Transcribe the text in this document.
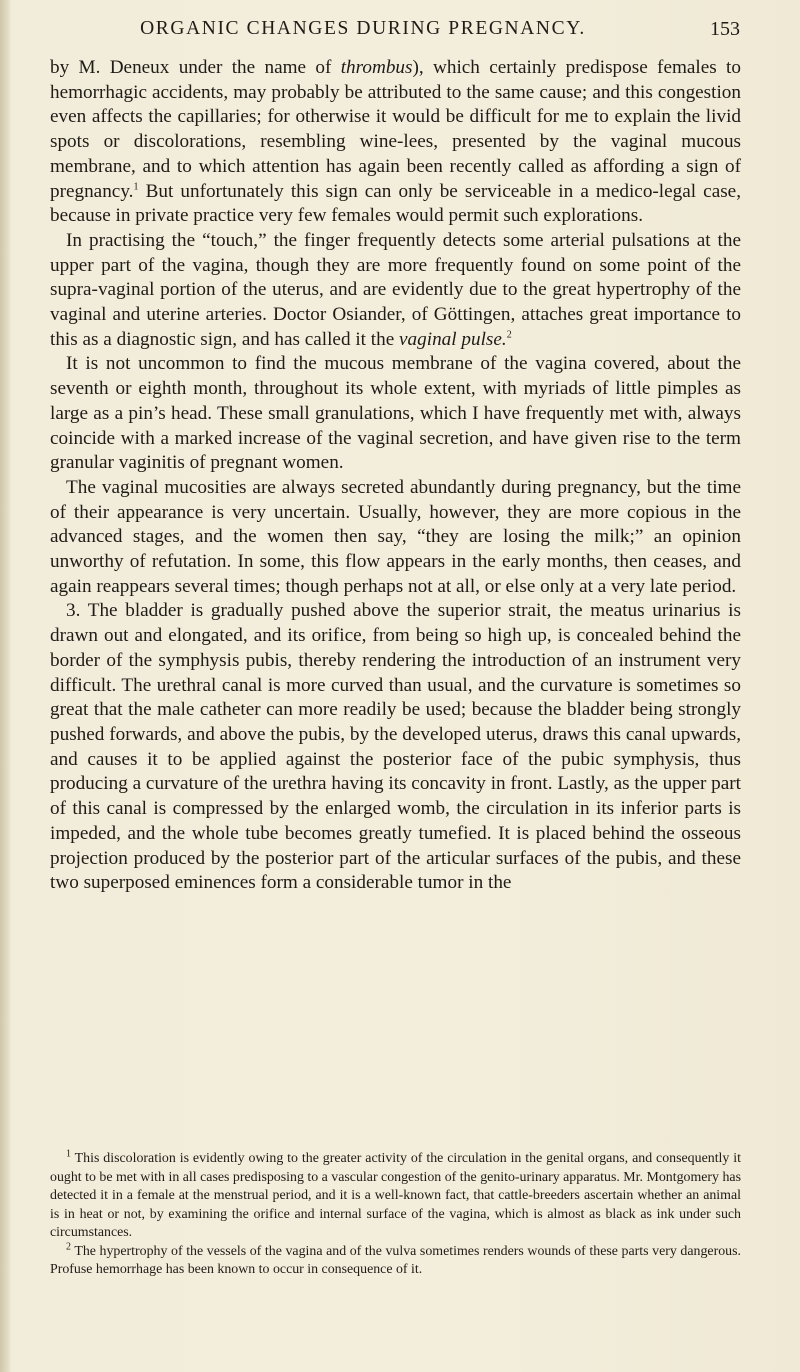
ORGANIC CHANGES DURING PREGNANCY.	153

by M. Deneux under the name of thrombus), which certainly predispose females to hemorrhagic accidents, may probably be attributed to the same cause; and this congestion even affects the capillaries; for otherwise it would be difficult for me to explain the livid spots or discolorations, resembling wine-lees, presented by the vaginal mucous membrane, and to which attention has again been recently called as affording a sign of pregnancy.$^1$ But unfortunately this sign can only be serviceable in a medico-legal case, because in private practice very few females would permit such explorations.

In practising the “touch,” the finger frequently detects some arterial pulsations at the upper part of the vagina, though they are more frequently found on some point of the supra-vaginal portion of the uterus, and are evidently due to the great hypertrophy of the vaginal and uterine arteries. Doctor Osiander, of Göttingen, attaches great importance to this as a diagnostic sign, and has called it the vaginal pulse.$^2$

It is not uncommon to find the mucous membrane of the vagina covered, about the seventh or eighth month, throughout its whole extent, with myriads of little pimples as large as a pin’s head. These small granulations, which I have frequently met with, always coincide with a marked increase of the vaginal secretion, and have given rise to the term granular vaginitis of pregnant women.

The vaginal mucosities are always secreted abundantly during pregnancy, but the time of their appearance is very uncertain. Usually, however, they are more copious in the advanced stages, and the women then say, “they are losing the milk;” an opinion unworthy of refutation. In some, this flow appears in the early months, then ceases, and again reappears several times; though perhaps not at all, or else only at a very late period.

3. The bladder is gradually pushed above the superior strait, the meatus urinarius is drawn out and elongated, and its orifice, from being so high up, is concealed behind the border of the symphysis pubis, thereby rendering the introduction of an instrument very difficult. The urethral canal is more curved than usual, and the curvature is sometimes so great that the male catheter can more readily be used; because the bladder being strongly pushed forwards, and above the pubis, by the developed uterus, draws this canal upwards, and causes it to be applied against the posterior face of the pubic symphysis, thus producing a curvature of the urethra having its concavity in front. Lastly, as the upper part of this canal is compressed by the enlarged womb, the circulation in its inferior parts is impeded, and the whole tube becomes greatly tumefied. It is placed behind the osseous projection produced by the posterior part of the articular surfaces of the pubis, and these two superposed eminences form a considerable tumor in the

$^1$ This discoloration is evidently owing to the greater activity of the circulation in the genital organs, and consequently it ought to be met with in all cases predisposing to a vascular congestion of the genito-urinary apparatus. Mr. Montgomery has detected it in a female at the menstrual period, and it is a well-known fact, that cattle-breeders ascertain whether an animal is in heat or not, by examining the orifice and internal surface of the vagina, which is almost as black as ink under such circumstances.

$^2$ The hypertrophy of the vessels of the vagina and of the vulva sometimes renders wounds of these parts very dangerous. Profuse hemorrhage has been known to occur in consequence of it.
